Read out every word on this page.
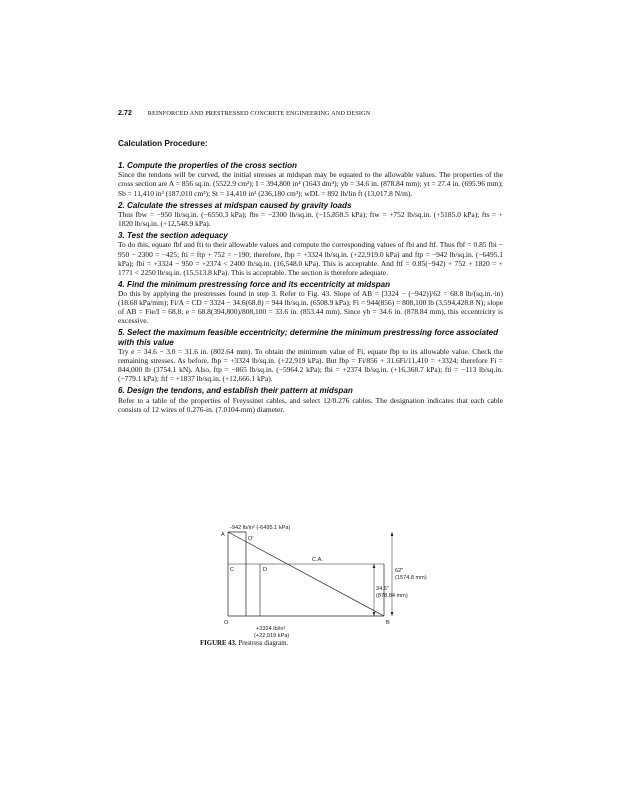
2.72 REINFORCED AND PRESTRESSED CONCRETE ENGINEERING AND DESIGN
Calculation Procedure:

1. Compute the properties of the cross section

Since the tendons will be curved, the initial stresses at midspan may be equated to the allowable values. The properties of the cross section are A = 856 sq.in. (5522.9 cm²); I = 394,800 in⁴ (1643 dm⁴); yb = 34.6 in. (878.84 mm); yt = 27.4 in. (695.96 mm); Sb = 11,410 in³ (187,010 cm³); St = 14,410 in³ (236,180 cm³); wDL = 892 lb/lin ft (13,017.8 N/m).

2. Calculate the stresses at midspan caused by gravity loads

Thus fbw = −950 lb/sq.in. (−6550.3 kPa); fbs = −2300 lb/sq.in. (−15,858.5 kPa); ftw = +752 lb/sq.in. (+5185.0 kPa); fts = + 1820 lb/sq.in. (+12,548.9 kPa).

3. Test the section adequacy

To do this, equate fbf and fti to their allowable values and compute the corresponding values of fbi and ftf. Thus fbf = 0.85 fbi − 950 − 2300 = −425; fti = ftp + 752 = −190; therefore, fbp = +3324 lb/sq.in. (+22,919.0 kPa) and ftp = −942 lb/sq.in. (−6495.1 kPa); fbi = +3324 − 950 = +2374 < 2400 lb/sq.in. (16,548.0 kPa). This is acceptable. And ftf = 0.85(−942) + 752 + 1820 = + 1771 < 2250 lb/sq.in. (15,513.8 kPa). This is acceptable. The section is therefore adequate.

4. Find the minimum prestressing force and its eccentricity at midspan

Do this by applying the prestresses found in step 3. Refer to Fig. 43. Slope of AB = [3324 − (−942)]/62 = 68.8 lb/(sq.in.·in) (18.68 kPa/mm); Fi/A = CD = 3324 − 34.6(68.8) = 944 lb/sq.in. (6508.9 kPa); Fi = 944(856) = 808,100 lb (3,594,428.8 N); slope of AB = Fie/I = 68.8; e = 68.8(394,800)/808,100 = 33.6 in. (853.44 mm). Since yb = 34.6 in. (878.84 mm), this eccentricity is excessive.

5. Select the maximum feasible eccentricity; determine the minimum prestressing force associated with this value

Try e = 34.6 − 3.0 = 31.6 in. (802.64 mm). To obtain the minimum value of Fi, equate fbp to its allowable value. Check the remaining stresses. As before, fbp = +3324 lb/sq.in. (+22,919 kPa). But fbp = Fi/856 + 31.6Fi/11,410 = +3324; therefore Fi = 844,000 lb (3754.1 kN). Also, ftp = −865 lb/sq.in. (−5964.2 kPa); fbi = +2374 lb/sq.in. (+16,368.7 kPa); fti = −113 lb/sq.in. (−779.1 kPa); ftf = +1837 lb/sq.in. (+12,666.1 kPa).

6. Design the tendons, and establish their pattern at midspan

Refer to a table of the properties of Freyssinet cables, and select 12/0.276 cables. The designation indicates that each cable consists of 12 wires of 0.276-in. (7.0104-mm) diameter.

-942 lb/in² (-6495.1 kPa)
A
O'
C.A.
C	D	62"
(1574.8 mm)
34.6"
(878.84 mm)
O	B
+3324 lb/in²
(+22,919 kPa)
FIGURE 43. Prestress diagram.
